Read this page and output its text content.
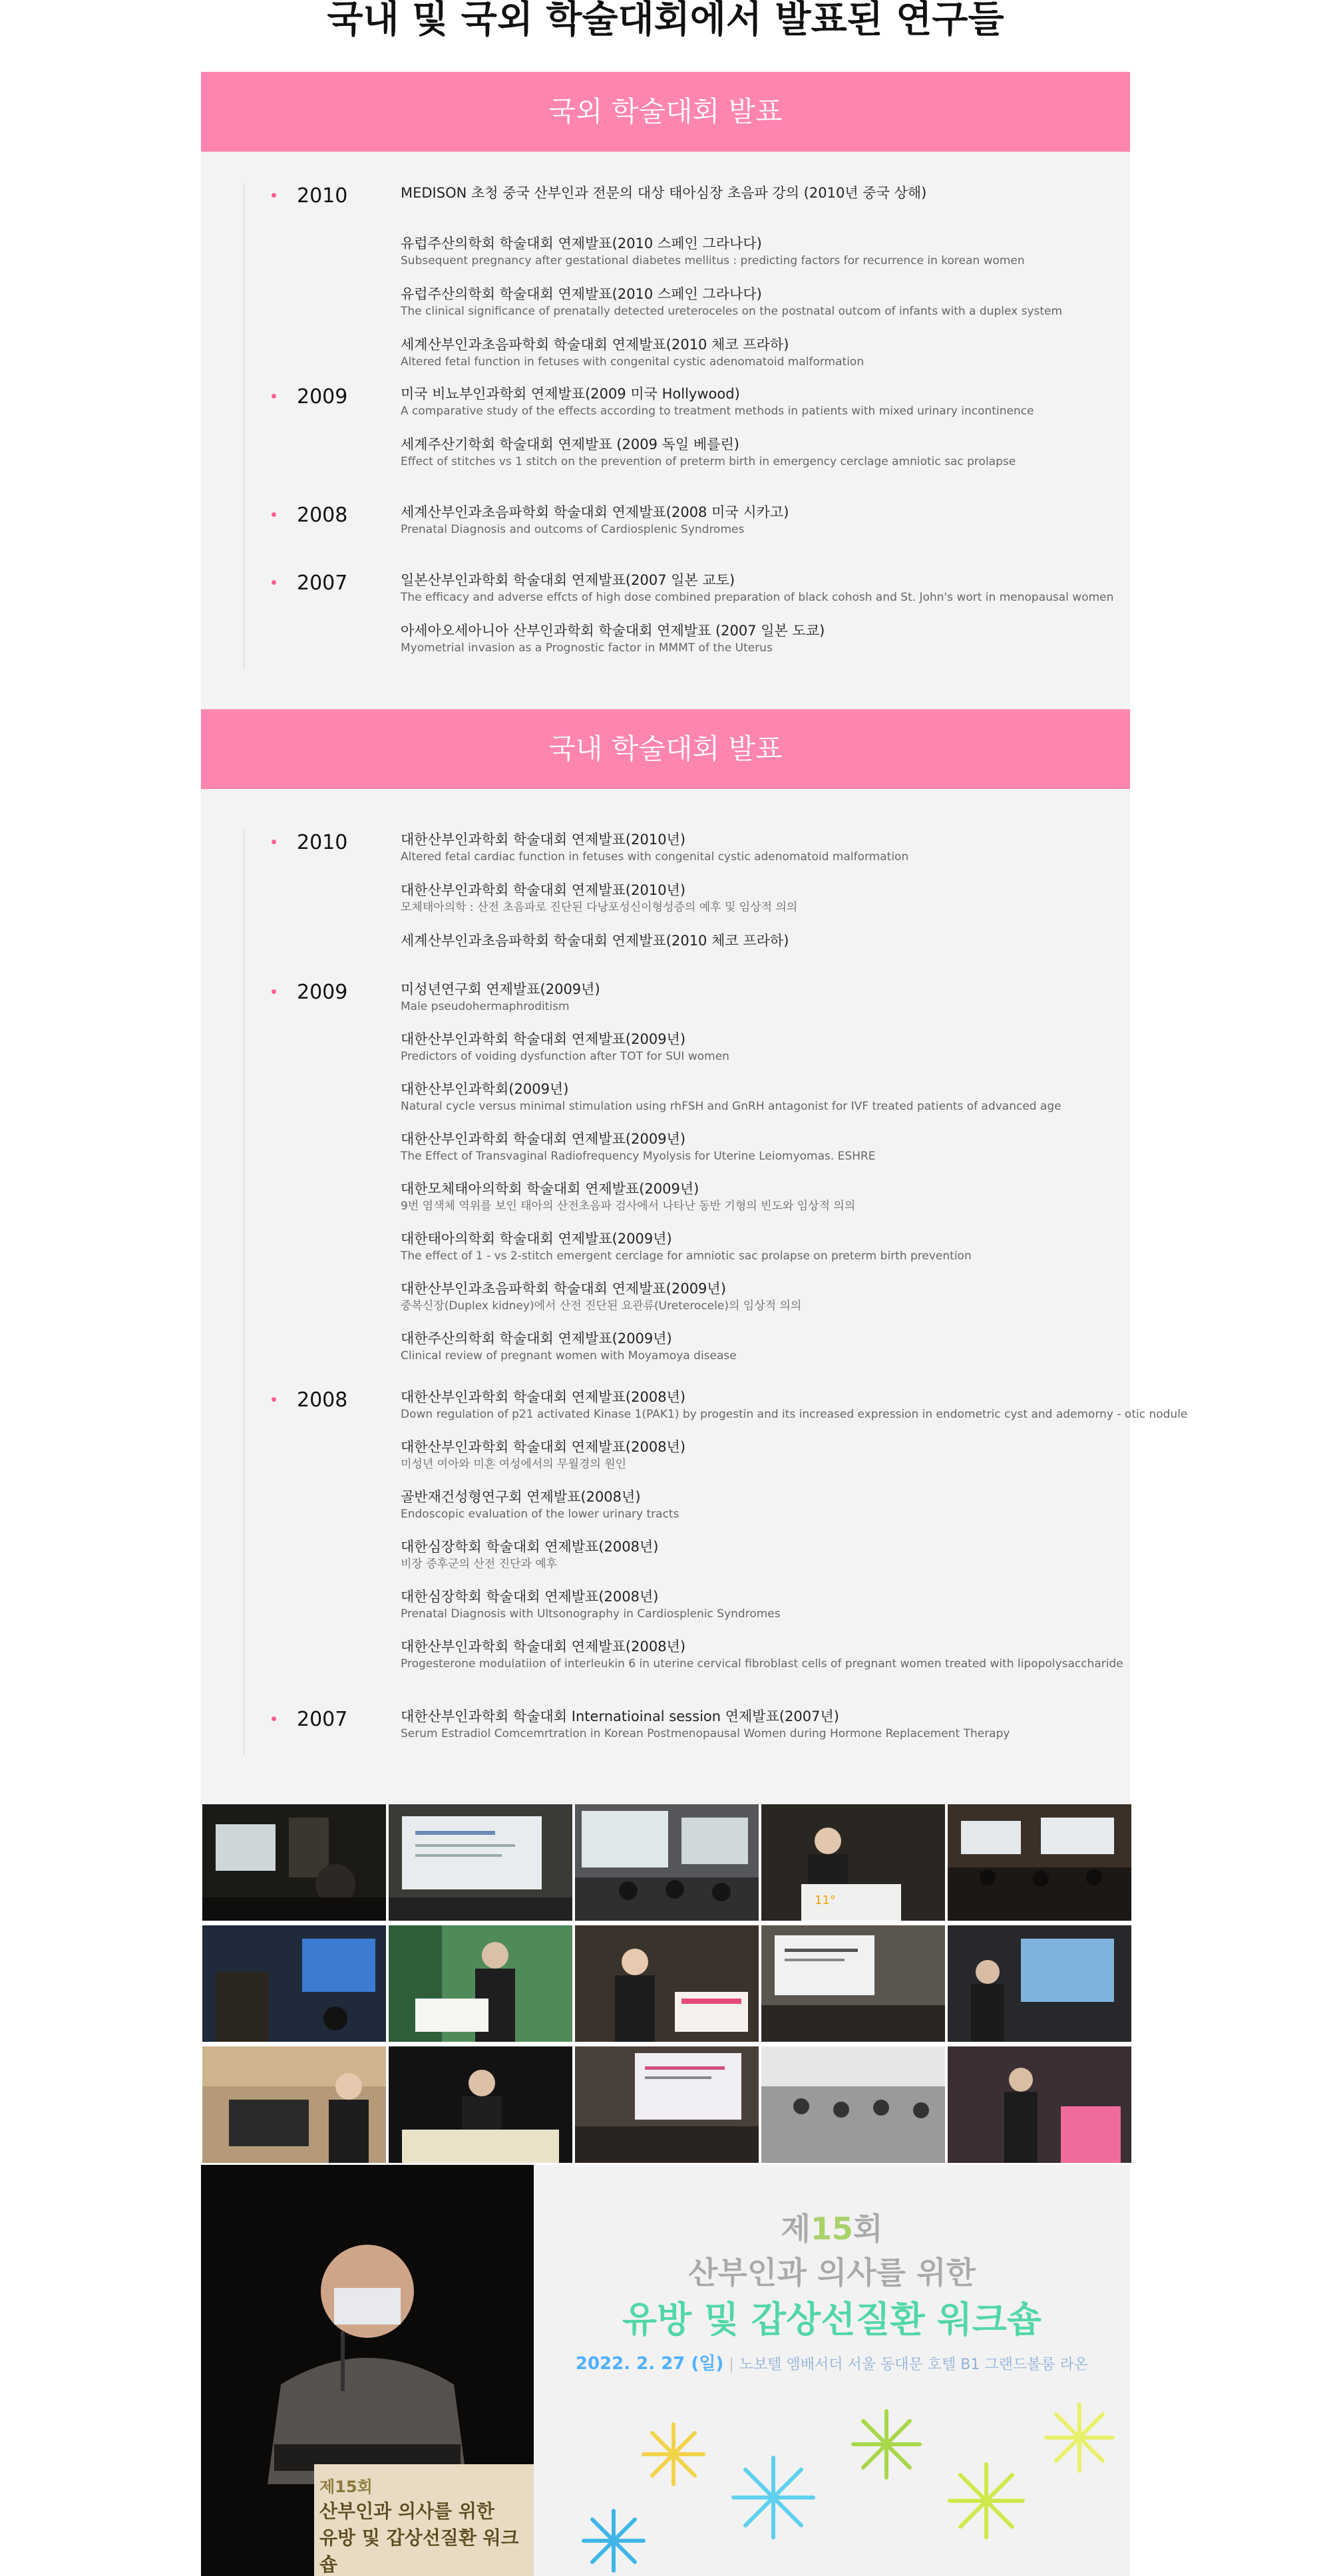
국내 및 국외 학술대회에서 발표된 연구들
국외 학술대회 발표
2010	MEDISON 초청 중국 산부인과 전문의 대상 태아심장 초음파 강의 (2010년 중국 상해)
유럽주산의학회 학술대회 연제발표(2010 스페인 그라나다)
Subsequent pregnancy after gestational diabetes mellitus : predicting factors for recurrence in korean women
유럽주산의학회 학술대회 연제발표(2010 스페인 그라나다)
The clinical significance of prenatally detected ureteroceles on the postnatal outcom of infants with a duplex system
세계산부인과초음파학회 학술대회 연제발표(2010 체코 프라하)
Altered fetal function in fetuses with congenital cystic adenomatoid malformation
2009	미국 비뇨부인과학회 연제발표(2009 미국 Hollywood)
A comparative study of the effects according to treatment methods in patients with mixed urinary incontinence
세계주산기학회 학술대회 연제발표 (2009 독일 베를린)
Effect of stitches vs 1 stitch on the prevention of preterm birth in emergency cerclage amniotic sac prolapse
2008	세계산부인과초음파학회 학술대회 연제발표(2008 미국 시카고)
Prenatal Diagnosis and outcoms of Cardiosplenic Syndromes
2007	일본산부인과학회 학술대회 연제발표(2007 일본 교토)
The efficacy and adverse effcts of high dose combined preparation of black cohosh and St. John's wort in menopausal women
아세아오세아니아 산부인과학회 학술대회 연제발표 (2007 일본 도쿄)
Myometrial invasion as a Prognostic factor in MMMT of the Uterus
국내 학술대회 발표
2010	대한산부인과학회 학술대회 연제발표(2010년)
Altered fetal cardiac function in fetuses with congenital cystic adenomatoid malformation
대한산부인과학회 학술대회 연제발표(2010년)
모체태아의학 : 산전 초음파로 진단된 다낭포성신이형성증의 예후 및 임상적 의의
세계산부인과초음파학회 학술대회 연제발표(2010 체코 프라하)
2009	미성년연구회 연제발표(2009년)
Male pseudohermaphroditism
대한산부인과학회 학술대회 연제발표(2009년)
Predictors of voiding dysfunction after TOT for SUI women
대한산부인과학회(2009년)
Natural cycle versus minimal stimulation using rhFSH and GnRH antagonist for IVF treated patients of advanced age
대한산부인과학회 학술대회 연제발표(2009년)
The Effect of Transvaginal Radiofrequency Myolysis for Uterine Leiomyomas. ESHRE
대한모체태아의학회 학술대회 연제발표(2009년)
9번 염색체 역위를 보인 태아의 산전초음파 검사에서 나타난 동반 기형의 빈도와 임상적 의의
대한태아의학회 학술대회 연제발표(2009년)
The effect of 1 - vs 2-stitch emergent cerclage for amniotic sac prolapse on preterm birth prevention
대한산부인과초음파학회 학술대회 연제발표(2009년)
중복신장(Duplex kidney)에서 산전 진단된 요관류(Ureterocele)의 임상적 의의
대한주산의학회 학술대회 연제발표(2009년)
Clinical review of pregnant women with Moyamoya disease
2008	대한산부인과학회 학술대회 연제발표(2008년)
Down regulation of p21 activated Kinase 1(PAK1) by progestin and its increased expression in endometric cyst and ademorny - otic nodule
대한산부인과학회 학술대회 연제발표(2008년)
미성년 여아와 미혼 여성에서의 무월경의 원인
골반재건성형연구회 연제발표(2008년)
Endoscopic evaluation of the lower urinary tracts
대한심장학회 학술대회 연제발표(2008년)
비장 증후군의 산전 진단과 예후
대한심장학회 학술대회 연제발표(2008년)
Prenatal Diagnosis with Ultsonography in Cardiosplenic Syndromes
대한산부인과학회 학술대회 연제발표(2008년)
Progesterone modulatiion of interleukin 6 in uterine cervical fibroblast cells of pregnant women treated with lipopolysaccharide
2007	대한산부인과학회 학술대회 Internatioinal session 연제발표(2007년)
Serum Estradiol Comcemrtration in Korean Postmenopausal Women during Hormone Replacement Therapy
11°
제15회
산부인과 의사를 위한
유방 및 갑상선질환 워크숍
제15회
산부인과 의사를 위한
유방 및 갑상선질환 워크숍
2022. 2. 27 (일) | 노보텔 앰배서더 서울 동대문 호텔 B1 그랜드볼룸 라온
